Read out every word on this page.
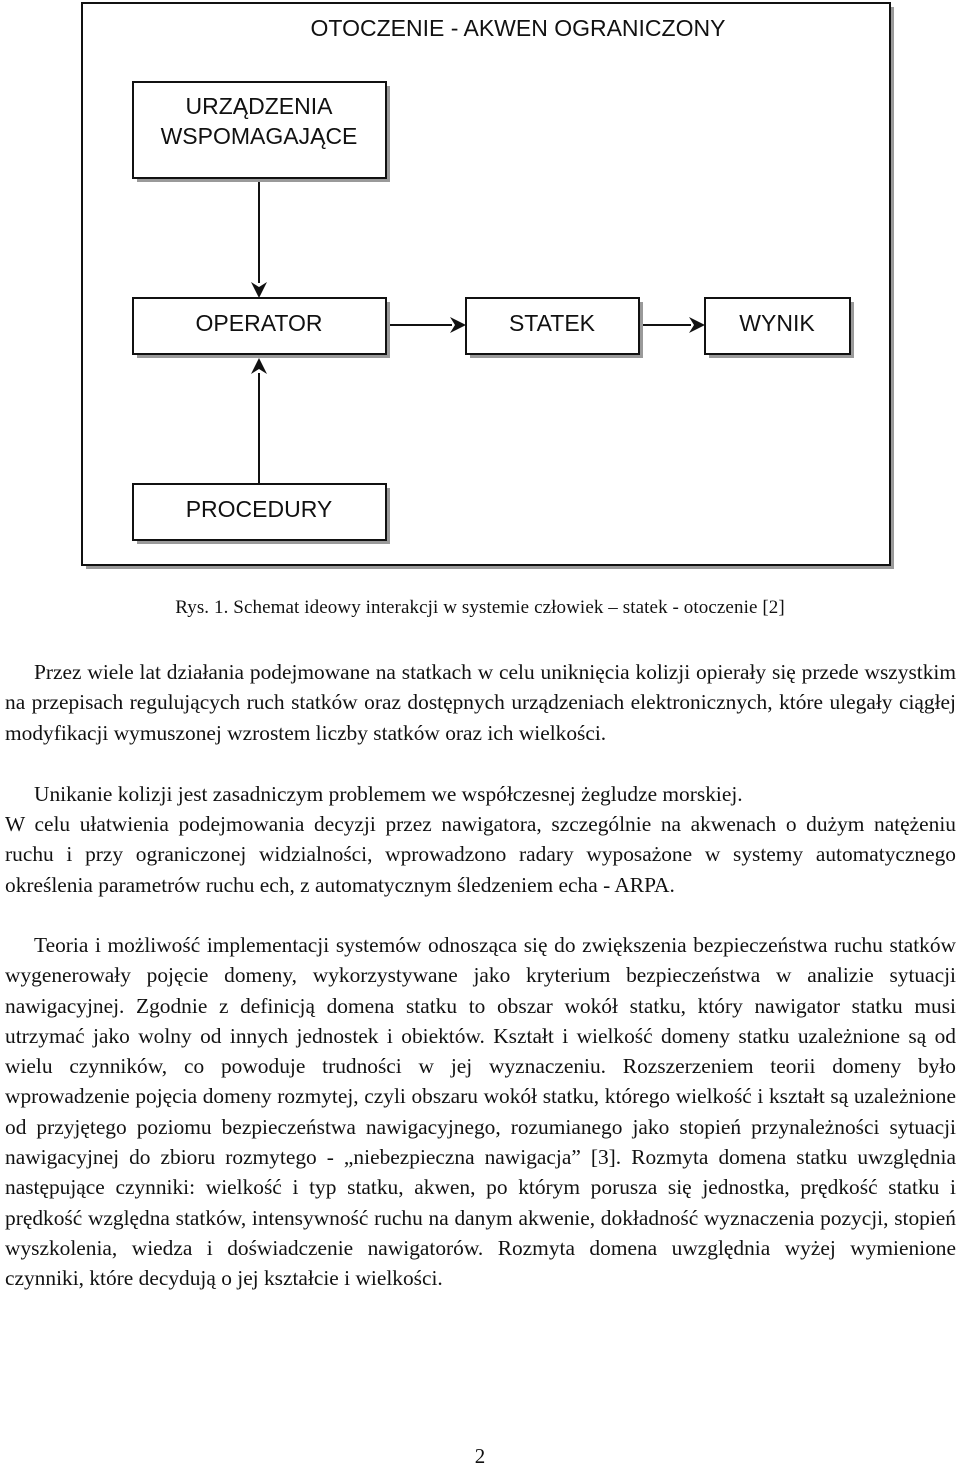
OTOCZENIE - AKWEN OGRANICZONY
URZĄDZENIA
WSPOMAGAJĄCE
OPERATOR	STATEK	WYNIK
PROCEDURY
Rys. 1. Schemat ideowy interakcji w systemie człowiek – statek - otoczenie [2]

Przez wiele lat działania podejmowane na statkach w celu uniknięcia kolizji opierały się przede wszystkim na przepisach regulujących ruch statków oraz dostępnych urządzeniach elektronicznych, które ulegały ciągłej modyfikacji wymuszonej wzrostem liczby statków oraz ich wielkości.

Unikanie kolizji jest zasadniczym problemem we współczesnej żegludze morskiej.

W celu ułatwienia podejmowania decyzji przez nawigatora, szczególnie na akwenach o dużym natężeniu ruchu i przy ograniczonej widzialności, wprowadzono radary wyposażone w systemy automatycznego określenia parametrów ruchu ech, z automatycznym śledzeniem echa - ARPA.

Teoria i możliwość implementacji systemów odnosząca się do zwiększenia bezpieczeństwa ruchu statków wygenerowały pojęcie domeny, wykorzystywane jako kryterium bezpieczeństwa w analizie sytuacji nawigacyjnej. Zgodnie z definicją domena statku to obszar wokół statku, który nawigator statku musi utrzymać jako wolny od innych jednostek i obiektów. Kształt i wielkość domeny statku uzależnione są od wielu czynników, co powoduje trudności w jej wyznaczeniu. Rozszerzeniem teorii domeny było wprowadzenie pojęcia domeny rozmytej, czyli obszaru wokół statku, którego wielkość i kształt są uzależnione od przyjętego poziomu bezpieczeństwa nawigacyjnego, rozumianego jako stopień przynależności sytuacji nawigacyjnej do zbioru rozmytego - „niebezpieczna nawigacja” [3]. Rozmyta domena statku uwzględnia następujące czynniki: wielkość i typ statku, akwen, po którym porusza się jednostka, prędkość statku i prędkość względna statków, intensywność ruchu na danym akwenie, dokładność wyznaczenia pozycji, stopień wyszkolenia, wiedza i doświadczenie nawigatorów. Rozmyta domena uwzględnia wyżej wymienione czynniki, które decydują o jej kształcie i wielkości.

2
